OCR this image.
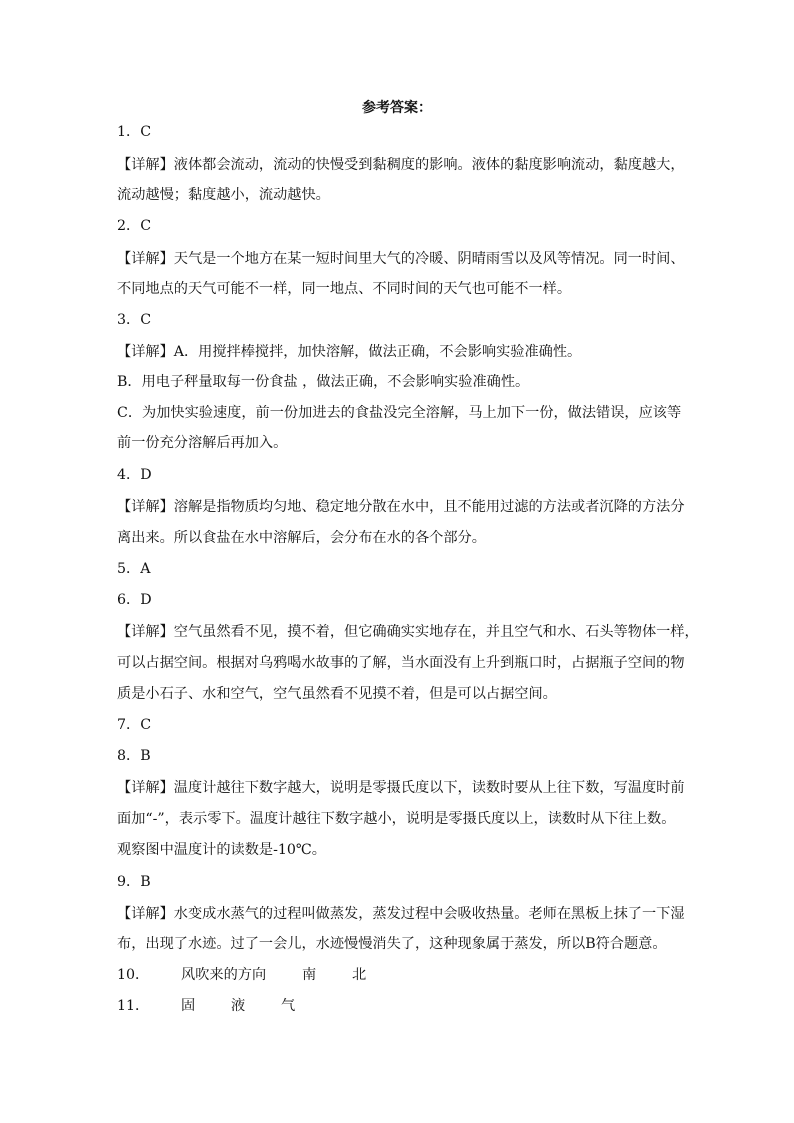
参考答案：
1．C
【详解】液体都会流动，流动的快慢受到黏稠度的影响。液体的黏度影响流动，黏度越大，
流动越慢；黏度越小，流动越快。
2．C
【详解】天气是一个地方在某一短时间里大气的冷暖、阴晴雨雪以及风等情况。同一时间、
不同地点的天气可能不一样，同一地点、不同时间的天气也可能不一样。
3．C
【详解】A．用搅拌棒搅拌，加快溶解，做法正确，不会影响实验准确性。
B．用电子秤量取每一份食盐 ，做法正确，不会影响实验准确性。
C．为加快实验速度，前一份加进去的食盐没完全溶解，马上加下一份，做法错误，应该等
前一份充分溶解后再加入。
4．D
【详解】溶解是指物质均匀地、稳定地分散在水中，且不能用过滤的方法或者沉降的方法分
离出来。所以食盐在水中溶解后，会分布在水的各个部分。
5．A
6．D
【详解】空气虽然看不见，摸不着，但它确确实实地存在，并且空气和水、石头等物体一样，
可以占据空间。根据对乌鸦喝水故事的了解，当水面没有上升到瓶口时，占据瓶子空间的物
质是小石子、水和空气，空气虽然看不见摸不着，但是可以占据空间。
7．C
8．B
【详解】温度计越往下数字越大，说明是零摄氏度以下，读数时要从上往下数，写温度时前
面加“-”，表示零下。温度计越往下数字越小，说明是零摄氏度以上，读数时从下往上数。
观察图中温度计的读数是-10℃。
9．B
【详解】水变成水蒸气的过程叫做蒸发，蒸发过程中会吸收热量。老师在黑板上抹了一下湿
布，出现了水迹。过了一会儿，水迹慢慢消失了，这种现象属于蒸发，所以B符合题意。
10． 风吹来的方向	南	北
11． 固	液	气
